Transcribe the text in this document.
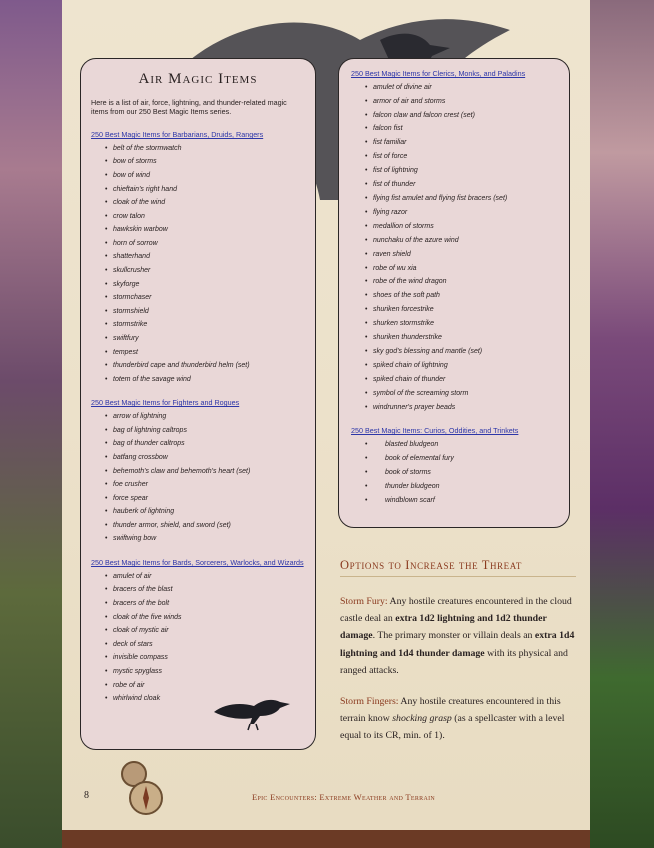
Air Magic Items

Here is a list of air, force, lightning, and thunder-related magic items from our 250 Best Magic Items series.

250 Best Magic Items for Barbarians, Druids, Rangers
• belt of the stormwatch
• bow of storms
• bow of wind
• chieftain's right hand
• cloak of the wind
• crow talon
• hawkskin warbow
• horn of sorrow
• shatterhand
• skullcrusher
• skyforge
• stormchaser
• stormshield
• stormstrike
• swiftfury
• tempest
• thunderbird cape and thunderbird helm (set)
• totem of the savage wind
250 Best Magic Items for Fighters and Rogues
• arrow of lightning
• bag of lightning caltrops
• bag of thunder caltrops
• batfang crossbow
• behemoth's claw and behemoth's heart (set)
• foe crusher
• force spear
• hauberk of lightning
• thunder armor, shield, and sword (set)
• swiftwing bow
250 Best Magic Items for Bards, Sorcerers, Warlocks, and Wizards
• amulet of air
• bracers of the blast
• bracers of the bolt
• cloak of the five winds
• cloak of mystic air
• deck of stars
• invisible compass
• mystic spyglass
• robe of air
• whirlwind cloak
250 Best Magic Items for Clerics, Monks, and Paladins
• amulet of divine air
• armor of air and storms
• falcon claw and falcon crest (set)
• falcon fist
• fist familiar
• fist of force
• fist of lightning
• fist of thunder
• flying fist amulet and flying fist bracers (set)
• flying razor
• medallion of storms
• nunchaku of the azure wind
• raven shield
• robe of wu xia
• robe of the wind dragon
• shoes of the soft path
• shuriken forcestrike
• shurken stormstrike
• shuriken thunderstrike
• sky god's blessing and mantle (set)
• spiked chain of lightning
• spiked chain of thunder
• symbol of the screaming storm
• windrunner's prayer beads
250 Best Magic Items: Curios, Oddities, and Trinkets
• blasted bludgeon
• book of elemental fury
• book of storms
• thunder bludgeon
• windblown scarf
Options to Increase the Threat

Storm Fury: Any hostile creatures encountered in the cloud castle deal an extra 1d2 lightning and 1d2 thunder damage. The primary monster or villain deals an extra 1d4 lightning and 1d4 thunder damage with its physical and ranged attacks.

Storm Fingers: Any hostile creatures encountered in this terrain know shocking grasp (as a spellcaster with a level equal to its CR, min. of 1).

8	Epic Encounters: Extreme Weather and Terrain
